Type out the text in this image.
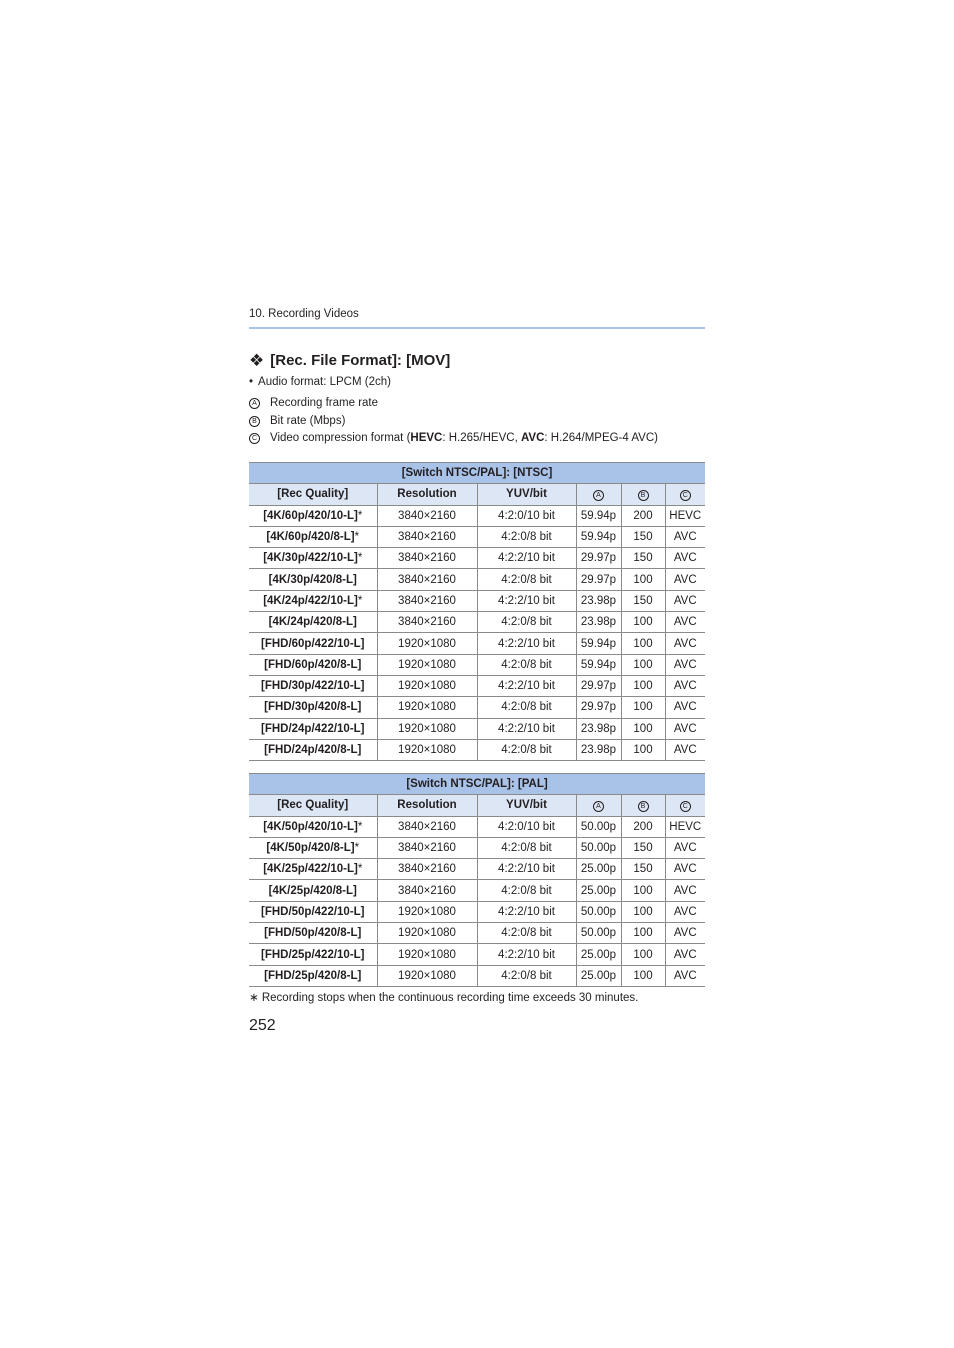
10. Recording Videos
❖ [Rec. File Format]: [MOV]
• Audio format: LPCM (2ch)
A Recording frame rate
B Bit rate (Mbps)
C Video compression format (HEVC: H.265/HEVC, AVC: H.264/MPEG-4 AVC)
[Switch NTSC/PAL]: [NTSC]					
[Rec Quality]	Resolution	YUV/bit	A	B	C
[4K/60p/420/10-L]*	3840×2160	4:2:0/10 bit	59.94p	200	HEVC
[4K/60p/420/8-L]*	3840×2160	4:2:0/8 bit	59.94p	150	AVC
[4K/30p/422/10-L]*	3840×2160	4:2:2/10 bit	29.97p	150	AVC
[4K/30p/420/8-L]	3840×2160	4:2:0/8 bit	29.97p	100	AVC
[4K/24p/422/10-L]*	3840×2160	4:2:2/10 bit	23.98p	150	AVC
[4K/24p/420/8-L]	3840×2160	4:2:0/8 bit	23.98p	100	AVC
[FHD/60p/422/10-L]	1920×1080	4:2:2/10 bit	59.94p	100	AVC
[FHD/60p/420/8-L]	1920×1080	4:2:0/8 bit	59.94p	100	AVC
[FHD/30p/422/10-L]	1920×1080	4:2:2/10 bit	29.97p	100	AVC
[FHD/30p/420/8-L]	1920×1080	4:2:0/8 bit	29.97p	100	AVC
[FHD/24p/422/10-L]	1920×1080	4:2:2/10 bit	23.98p	100	AVC
[FHD/24p/420/8-L]	1920×1080	4:2:0/8 bit	23.98p	100	AVC
[Switch NTSC/PAL]: [PAL]					
[Rec Quality]	Resolution	YUV/bit	A	B	C
[4K/50p/420/10-L]*	3840×2160	4:2:0/10 bit	50.00p	200	HEVC
[4K/50p/420/8-L]*	3840×2160	4:2:0/8 bit	50.00p	150	AVC
[4K/25p/422/10-L]*	3840×2160	4:2:2/10 bit	25.00p	150	AVC
[4K/25p/420/8-L]	3840×2160	4:2:0/8 bit	25.00p	100	AVC
[FHD/50p/422/10-L]	1920×1080	4:2:2/10 bit	50.00p	100	AVC
[FHD/50p/420/8-L]	1920×1080	4:2:0/8 bit	50.00p	100	AVC
[FHD/25p/422/10-L]	1920×1080	4:2:2/10 bit	25.00p	100	AVC
[FHD/25p/420/8-L]	1920×1080	4:2:0/8 bit	25.00p	100	AVC
∗ Recording stops when the continuous recording time exceeds 30 minutes.
252
